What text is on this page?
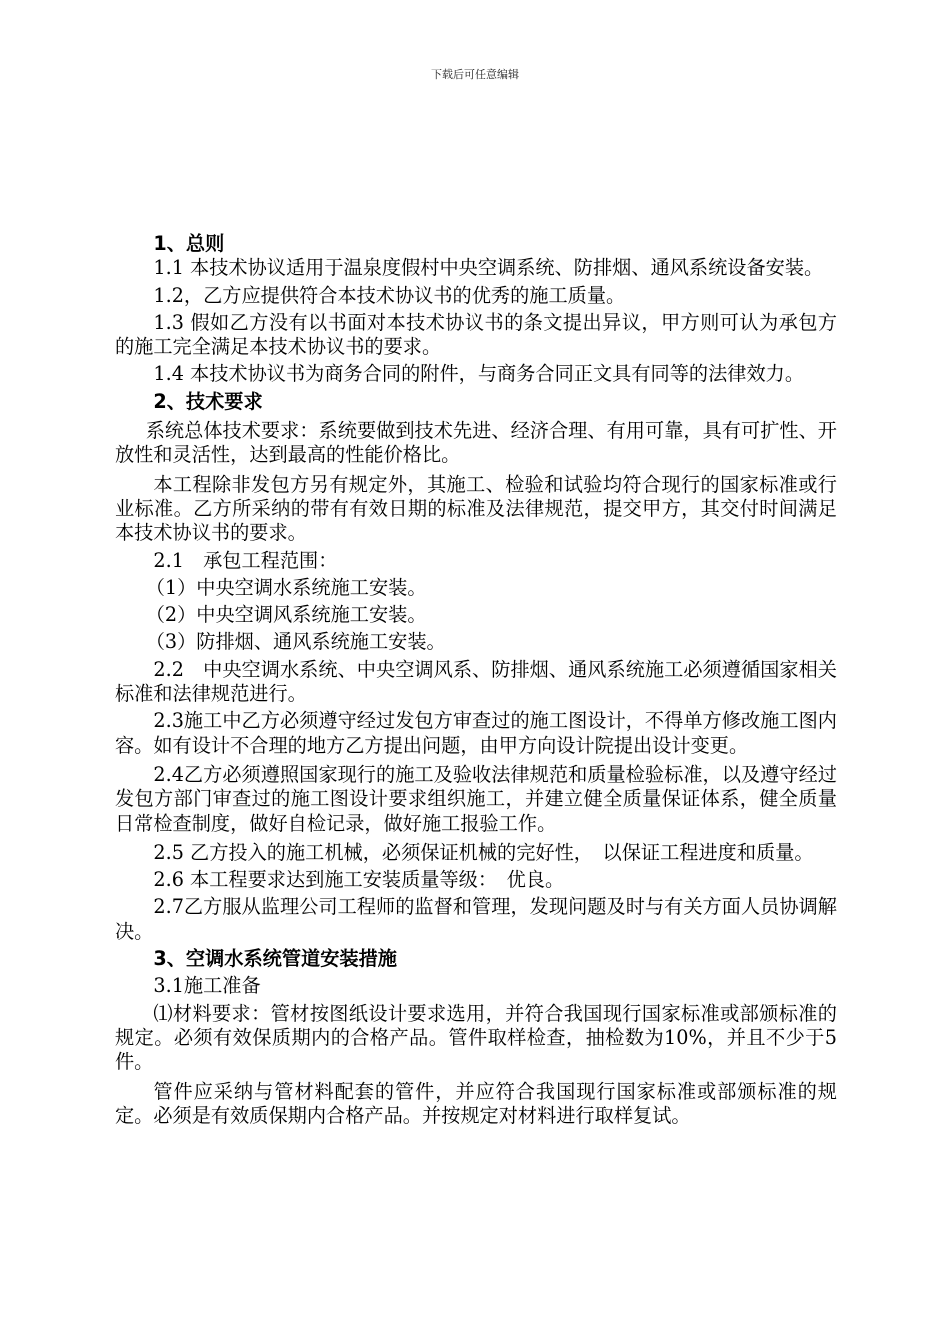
下载后可任意编辑

1、总则

1.1 本技术协议适用于温泉度假村中央空调系统、防排烟、通风系统设备安装。

1.2，乙方应提供符合本技术协议书的优秀的施工质量。

1.3 假如乙方没有以书面对本技术协议书的条文提出异议，甲方则可认为承包方的施工完全满足本技术协议书的要求。

1.4 本技术协议书为商务合同的附件，与商务合同正文具有同等的法律效力。

2、技术要求

系统总体技术要求：系统要做到技术先进、经济合理、有用可靠，具有可扩性、开放性和灵活性，达到最高的性能价格比。

本工程除非发包方另有规定外，其施工、检验和试验均符合现行的国家标准或行业标准。乙方所采纳的带有有效日期的标准及法律规范，提交甲方，其交付时间满足本技术协议书的要求。

2.1　承包工程范围：

（1）中央空调水系统施工安装。

（2）中央空调风系统施工安装。

（3）防排烟、通风系统施工安装。

2.2　中央空调水系统、中央空调风系、防排烟、通风系统施工必须遵循国家相关标准和法律规范进行。

2.3施工中乙方必须遵守经过发包方审查过的施工图设计，不得单方修改施工图内容。如有设计不合理的地方乙方提出问题，由甲方向设计院提出设计变更。

2.4乙方必须遵照国家现行的施工及验收法律规范和质量检验标准，以及遵守经过发包方部门审查过的施工图设计要求组织施工，并建立健全质量保证体系，健全质量日常检查制度，做好自检记录，做好施工报验工作。

2.5 乙方投入的施工机械，必须保证机械的完好性，　以保证工程进度和质量。

2.6 本工程要求达到施工安装质量等级：　优良。

2.7乙方服从监理公司工程师的监督和管理，发现问题及时与有关方面人员协调解决。

3、空调水系统管道安装措施

3.1施工准备

⑴材料要求：管材按图纸设计要求选用，并符合我国现行国家标准或部颁标准的规定。必须有效保质期内的合格产品。管件取样检查，抽检数为10%，并且不少于5件。

管件应采纳与管材料配套的管件，并应符合我国现行国家标准或部颁标准的规定。必须是有效质保期内合格产品。并按规定对材料进行取样复试。
